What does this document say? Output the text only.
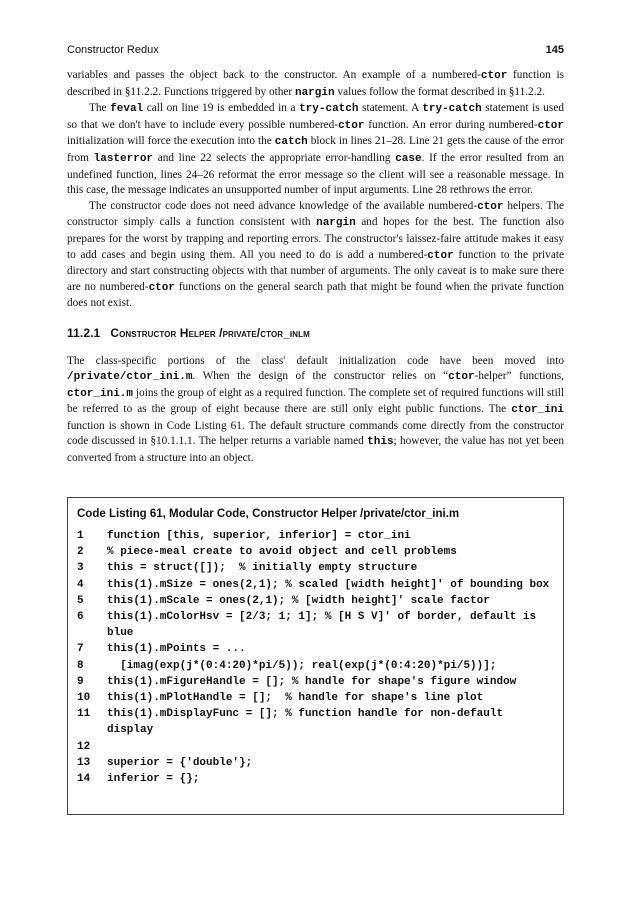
Constructor Redux	145

variables and passes the object back to the constructor. An example of a numbered-ctor function is described in §11.2.2. Functions triggered by other nargin values follow the format described in §11.2.2.

The feval call on line 19 is embedded in a try-catch statement. A try-catch statement is used so that we don't have to include every possible numbered-ctor function. An error during numbered-ctor initialization will force the execution into the catch block in lines 21–28. Line 21 gets the cause of the error from lasterror and line 22 selects the appropriate error-handling case. If the error resulted from an undefined function, lines 24–26 reformat the error message so the client will see a reasonable message. In this case, the message indicates an unsupported number of input arguments. Line 28 rethrows the error.

The constructor code does not need advance knowledge of the available numbered-ctor helpers. The constructor simply calls a function consistent with nargin and hopes for the best. The function also prepares for the worst by trapping and reporting errors. The constructor's laissez-faire attitude makes it easy to add cases and begin using them. All you need to do is add a numbered-ctor function to the private directory and start constructing objects with that number of arguments. The only caveat is to make sure there are no numbered-ctor functions on the general search path that might be found when the private function does not exist.

11.2.1 Constructor Helper /private/ctor_inlm

The class-specific portions of the class' default initialization code have been moved into /private/ctor_ini.m. When the design of the constructor relies on “ctor-helper” functions, ctor_ini.m joins the group of eight as a required function. The complete set of required functions will still be referred to as the group of eight because there are still only eight public functions. The ctor_ini function is shown in Code Listing 61. The default structure commands come directly from the constructor code discussed in §10.1.1.1. The helper returns a variable named this; however, the value has not yet been converted from a structure into an object.

Code Listing 61, Modular Code, Constructor Helper /private/ctor_ini.m
1	function [this, superior, inferior] = ctor_ini
2	% piece-meal create to avoid object and cell problems
3	this = struct([]);  % initially empty structure
4	this(1).mSize = ones(2,1); % scaled [width height]' of bounding box
5	this(1).mScale = ones(2,1); % [width height]' scale factor
6	this(1).mColorHsv = [2/3; 1; 1]; % [H S V]' of border, default is blue
7	this(1).mPoints = ...
8	[imag(exp(j*(0:4:20)*pi/5)); real(exp(j*(0:4:20)*pi/5))];
9	this(1).mFigureHandle = []; % handle for shape's figure window
10	this(1).mPlotHandle = [];  % handle for shape's line plot
11	this(1).mDisplayFunc = []; % function handle for non-default display
12
13	superior = {'double'};
14	inferior = {};
